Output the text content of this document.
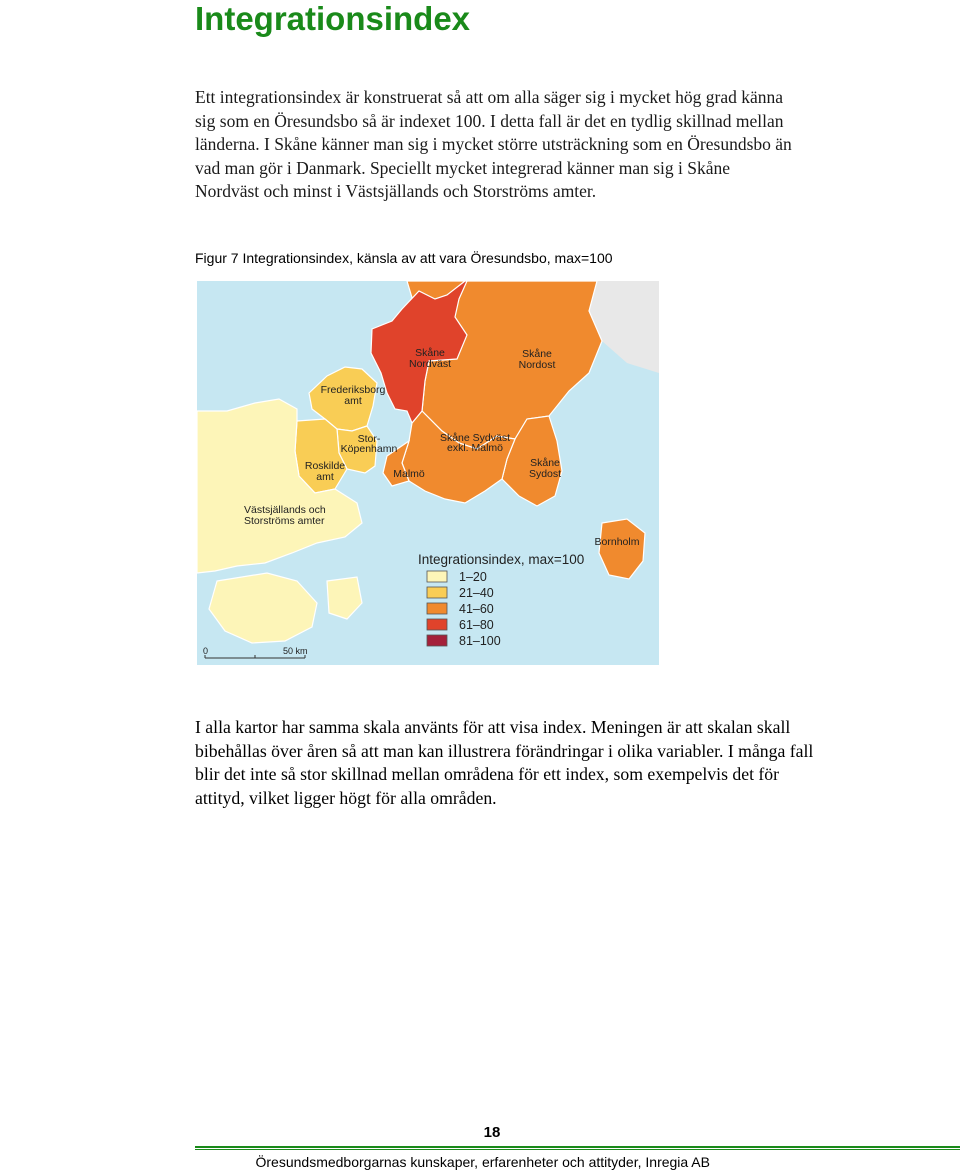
Integrationsindex

Ett integrationsindex är konstruerat så att om alla säger sig i mycket hög grad känna sig som en Öresundsbo så är indexet 100. I detta fall är det en tydlig skillnad mellan länderna. I Skåne känner man sig i mycket större utsträckning som en Öresundsbo än vad man gör i Danmark. Speciellt mycket integrerad känner man sig i Skåne Nordväst och minst i Västsjällands och Storströms amter.

Figur 7 Integrationsindex, känsla av att vara Öresundsbo, max=100

Skåne
Nordväst
Skåne
Nordost
Frederiksborg
amt
Stor-
Köpenhamn
Skåne Sydväst
exkl. Malmö
Roskilde
amt	Malmö
Skåne
Sydost
Västsjällands och
Storströms amter
Bornholm
Integrationsindex, max=100
1–20
21–40
41–60
61–80
81–100
0	50 km

I alla kartor har samma skala använts för att visa index. Meningen är att skalan skall bibehållas över åren så att man kan illustrera förändringar i olika variabler. I många fall blir det inte så stor skillnad mellan områdena för ett index, som exempelvis det för attityd, vilket ligger högt för alla områden.

18
Öresundsmedborgarnas kunskaper, erfarenheter och attityder, Inregia AB
